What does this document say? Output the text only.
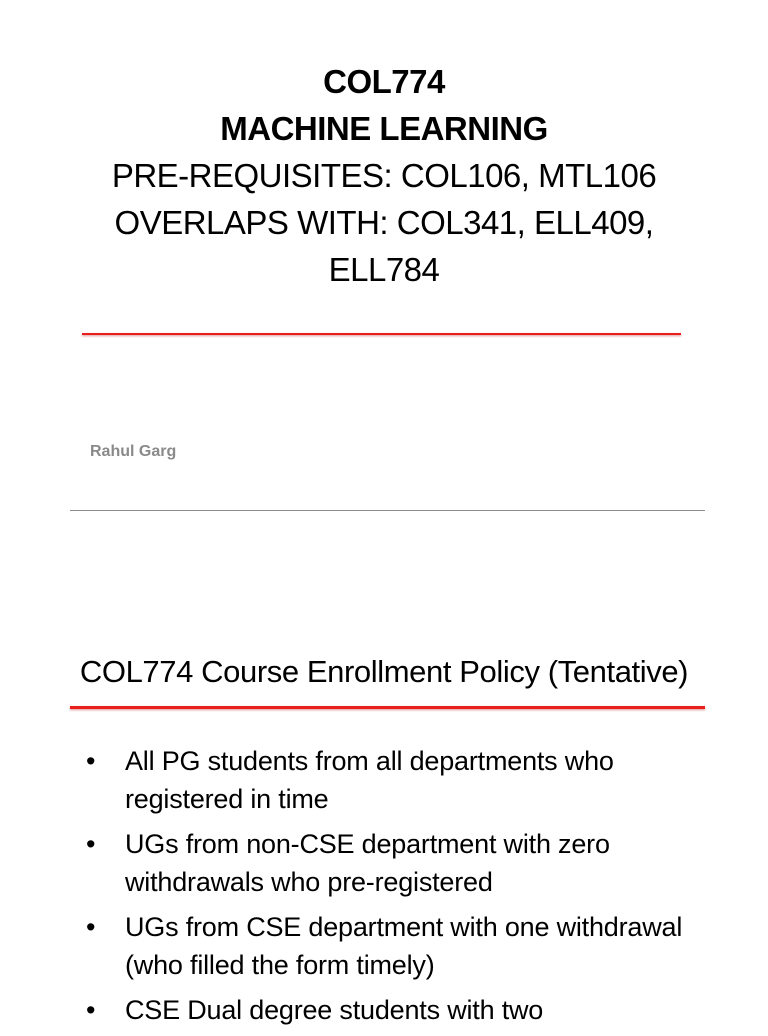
COL774
MACHINE LEARNING
PRE-REQUISITES: COL106, MTL106
OVERLAPS WITH: COL341, ELL409,
ELL784
Rahul Garg
COL774 Course Enrollment Policy (Tentative)
• All PG students from all departments who registered in time
• UGs from non-CSE department with zero withdrawals who pre-registered
• UGs from CSE department with one withdrawal (who filled the form timely)
• CSE Dual degree students with two
